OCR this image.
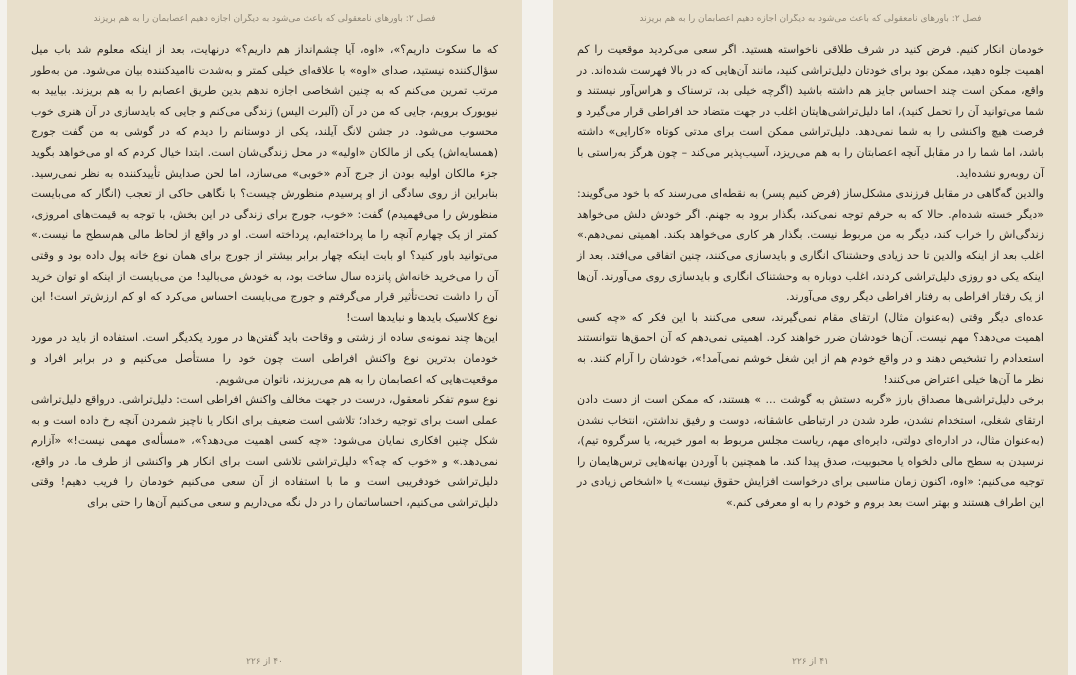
فصل ۲: باورهای نامعقولی که باعث می‌شود به دیگران اجازه دهیم اعصابمان را به هم بریزند

که ما سکوت داریم؟»، «اوه، آیا چشم‌انداز هم داریم؟» درنهایت، بعد از اینکه معلوم شد باب میل سؤال‌کننده نیستید، صدای «اوه» با علاقه‌ای خیلی کمتر و به‌شدت ناامیدکننده بیان می‌شود. من به‌طور مرتب تمرین می‌کنم که به چنین اشخاصی اجازه ندهم بدین طریق اعصابم را به هم بریزند. بیایید به نیویورک برویم، جایی که من در آن (آلبرت الیس) زندگی می‌کنم و جایی که بایدسازی در آن هنری خوب محسوب می‌شود. در جشن لانگ آیلند، یکی از دوستانم را دیدم که در گوشی به من گفت جورج (همسایه‌اش) یکی از مالکان «اولیه» در محل زندگی‌شان است. ابتدا خیال کردم که او می‌خواهد بگوید جزء مالکان اولیه بودن از جرج آدم «خوبی» می‌سازد، اما لحن صدایش تأییدکننده به نظر نمی‌رسید. بنابراین از روی سادگی از او پرسیدم منظورش چیست؟ با نگاهی حاکی از تعجب (انگار که می‌بایست منظورش را می‌فهمیدم) گفت: «خوب، جورج برای زندگی در این بخش، با توجه به قیمت‌های امروزی، کمتر از یک چهارم آنچه را ما پرداخته‌ایم، پرداخته است. او در واقع از لحاظ مالی هم‌سطح ما نیست.» می‌توانید باور کنید؟ او بابت اینکه چهار برابر بیشتر از جورج برای همان نوع خانه پول داده بود و وقتی آن را می‌خرید خانه‌اش پانزده سال ساخت بود، به خودش می‌بالید! من می‌بایست از اینکه او توان خرید آن را داشت تحت‌تأثیر قرار می‌گرفتم و جورج می‌بایست احساس می‌کرد که او کم ارزش‌تر است! این نوع کلاسیک بایدها و نبایدها است!

این‌ها چند نمونه‌ی ساده از زشتی و وقاحت باید گفتن‌ها در مورد یکدیگر است. استفاده از باید در مورد خودمان بدترین نوع واکنش افراطی است چون خود را مستأصل می‌کنیم و در برابر افراد و موقعیت‌هایی که اعصابمان را به هم می‌ریزند، ناتوان می‌شویم.

نوع سوم تفکر نامعقول، درست در جهت مخالف واکنش افراطی است: دلیل‌تراشی. درواقع دلیل‌تراشی عملی است برای توجیه رخداد؛ تلاشی است ضعیف برای انکار یا ناچیز شمردن آنچه رخ داده است و به شکل چنین افکاری نمایان می‌شود: «چه کسی اهمیت می‌دهد؟»، «مسأله‌ی مهمی نیست!» «آزارم نمی‌دهد.» و «خوب که چه؟» دلیل‌تراشی تلاشی است برای انکار هر واکنشی از طرف ما. در واقع، دلیل‌تراشی خودفریبی است و ما با استفاده از آن سعی می‌کنیم خودمان را فریب دهیم! وقتی دلیل‌تراشی می‌کنیم، احساساتمان را در دل نگه می‌داریم و سعی می‌کنیم آن‌ها را حتی برای

۴۰ از ۲۲۶
فصل ۲: باورهای نامعقولی که باعث می‌شود به دیگران اجازه دهیم اعصابمان را به هم بریزند

خودمان انکار کنیم. فرض کنید در شرف طلاقی ناخواسته هستید. اگر سعی می‌کردید موقعیت را کم اهمیت جلوه دهید، ممکن بود برای خودتان دلیل‌تراشی کنید، مانند آن‌هایی که در بالا فهرست شده‌اند. در واقع، ممکن است چند احساس جایز هم داشته باشید (اگرچه خیلی بد، ترسناک و هراس‌آور نیستند و شما می‌توانید آن را تحمل کنید)، اما دلیل‌تراشی‌هایتان اغلب در جهت متضاد حد افراطی قرار می‌گیرد و فرصت هیچ واکنشی را به شما نمی‌دهد. دلیل‌تراشی ممکن است برای مدتی کوتاه «کارایی» داشته باشد، اما شما را در مقابل آنچه اعصابتان را به هم می‌ریزد، آسیب‌پذیر می‌کند – چون هرگز به‌راستی با آن روبه‌رو نشده‌اید.

والدین گه‌گاهی در مقابل فرزندی مشکل‌ساز (فرض کنیم پسر) به نقطه‌ای می‌رسند که با خود می‌گویند: «دیگر خسته شده‌ام. حالا که به حرفم توجه نمی‌کند، بگذار برود به جهنم. اگر خودش دلش می‌خواهد زندگی‌اش را خراب کند، دیگر به من مربوط نیست. بگذار هر کاری می‌خواهد بکند. اهمیتی نمی‌دهم.» اغلب بعد از اینکه والدین تا حد زیادی وحشتناک انگاری و بایدسازی می‌کنند، چنین اتفاقی می‌افتد. بعد از اینکه یکی دو روزی دلیل‌تراشی کردند، اغلب دوباره به وحشتناک انگاری و بایدسازی روی می‌آورند. آن‌ها از یک رفتار افراطی به رفتار افراطی دیگر روی می‌آورند.

عده‌ای دیگر وقتی (به‌عنوان مثال) ارتقای مقام نمی‌گیرند، سعی می‌کنند با این فکر که «چه کسی اهمیت می‌دهد؟ مهم نیست. آن‌ها خودشان ضرر خواهند کرد. اهمیتی نمی‌دهم که آن احمق‌ها نتوانستند استعدادم را تشخیص دهند و در واقع خودم هم از این شغل خوشم نمی‌آمد!»، خودشان را آرام کنند. به نظر ما آن‌ها خیلی اعتراض می‌کنند!

برخی دلیل‌تراشی‌ها مصداق بارز «گربه دستش به گوشت ... » هستند، که ممکن است از دست دادن ارتقای شغلی، استخدام نشدن، طرد شدن در ارتباطی عاشقانه، دوست و رفیق نداشتن، انتخاب نشدن (به‌عنوان مثال، در اداره‌ای دولتی، دایره‌ای مهم، ریاست مجلس مربوط به امور خیریه، یا سرگروه تیم)، نرسیدن به سطح مالی دلخواه یا محبوبیت، صدق پیدا کند. ما همچنین با آوردن بهانه‌هایی ترس‌هایمان را توجیه می‌کنیم: «اوه، اکنون زمان مناسبی برای درخواست افزایش حقوق نیست» یا «اشخاص زیادی در این اطراف هستند و بهتر است بعد بروم و خودم را به او معرفی کنم.»

۴۱ از ۲۲۶
